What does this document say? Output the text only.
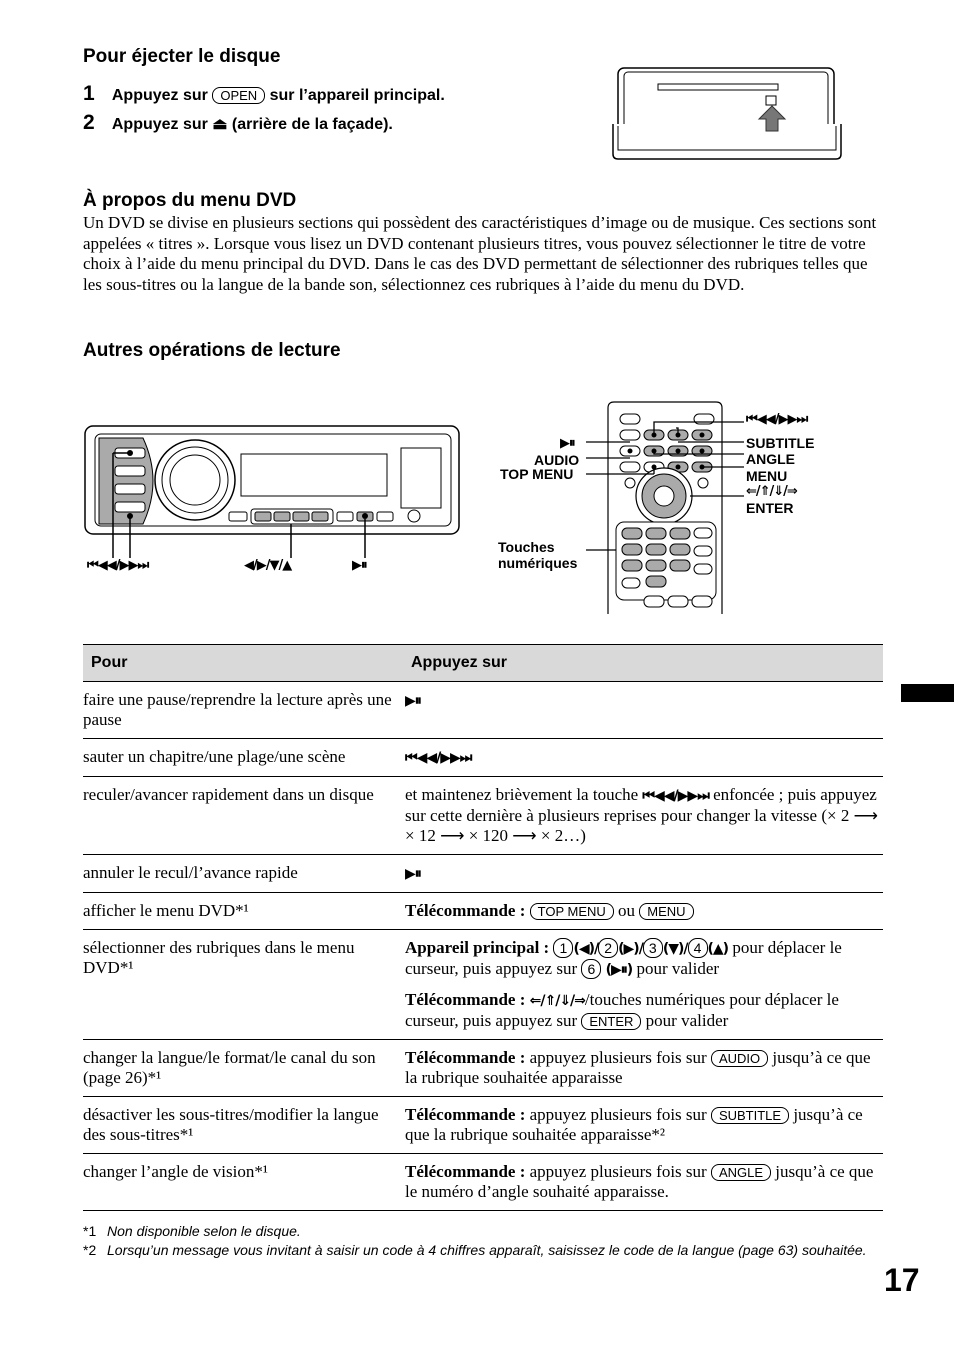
Pour éjecter le disque
1 Appuyez sur OPEN sur l’appareil principal.
2 Appuyez sur ⏏ (arrière de la façade).
À propos du menu DVD
Un DVD se divise en plusieurs sections qui possèdent des caractéristiques d’image ou de musique. Ces sections sont appelées « titres ». Lorsque vous lisez un DVD contenant plusieurs titres, vous pouvez sélectionner le titre de votre choix à l’aide du menu principal du DVD. Dans le cas des DVD permettant de sélectionner des rubriques telles que les sous-titres ou la langue de la bande son, sélectionnez ces rubriques à l’aide du menu du DVD.
Autres opérations de lecture
⏮◀◀/▶▶⏭	◀/▶/▼/▲	▶⏸
▶⏸
AUDIO
TOP MENU
⏮◀◀/▶▶⏭
SUBTITLE
ANGLE
MENU
⇐/⇑/⇓/⇒
ENTER
Touches
numériques
Pour	Appuyez sur
faire une pause/reprendre la lecture après une pause	▶⏸
sauter un chapitre/une plage/une scène	⏮◀◀/▶▶⏭
reculer/avancer rapidement dans un disque	et maintenez brièvement la touche ⏮◀◀/▶▶⏭ enfoncée ; puis appuyez sur cette dernière à plusieurs reprises pour changer la vitesse (× 2 ⟶ × 12 ⟶ × 120 ⟶ × 2…)
annuler le recul/l’avance rapide	▶⏸
afficher le menu DVD*¹	Télécommande : TOP MENU ou MENU
sélectionner des rubriques dans le menu DVD*¹	Appareil principal : 1 (◀)/ 2 (▶)/ 3 (▼)/ 4 (▲) pour déplacer le curseur, puis appuyez sur 6 (▶⏸) pour valider
Télécommande : ⇐/⇑/⇓/⇒/touches numériques pour déplacer le curseur, puis appuyez sur ENTER pour valider

changer la langue/le format/le canal du son (page 26)*¹	Télécommande : appuyez plusieurs fois sur AUDIO jusqu’à ce que la rubrique souhaitée apparaisse
désactiver les sous-titres/modifier la langue des sous-titres*¹	Télécommande : appuyez plusieurs fois sur SUBTITLE jusqu’à ce que la rubrique souhaitée apparaisse*²
changer l’angle de vision*¹	Télécommande : appuyez plusieurs fois sur ANGLE jusqu’à ce que le numéro d’angle souhaité apparaisse.
*1 Non disponible selon le disque.
*2 Lorsqu’un message vous invitant à saisir un code à 4 chiffres apparaît, saisissez le code de la langue (page 63) souhaitée.
17
